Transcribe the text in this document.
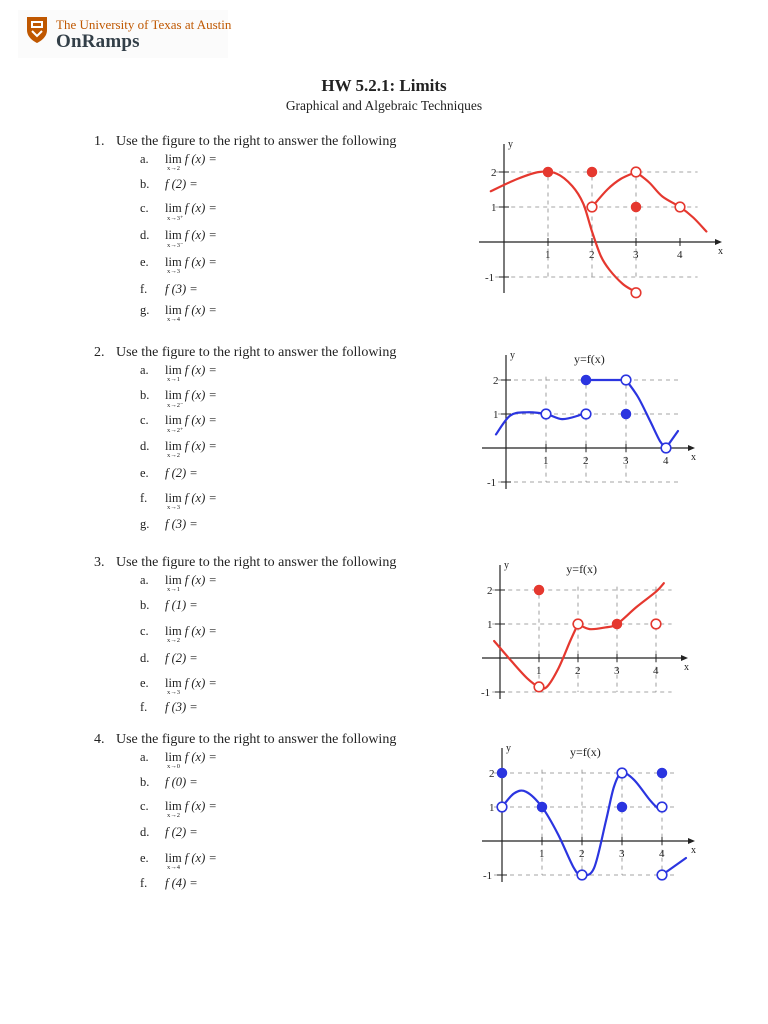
The University of Texas at Austin
OnRamps
HW 5.2.1: Limits
Graphical and Algebraic Techniques
1. Use the figure to the right to answer the following
a. lim
x→2
f (x) =
b. f (2) =
c. lim
x→3⁺
f (x) =
d. lim
x→3⁻
f (x) =
e. lim
x→3
f (x) =
f. f (3) =
g. lim
x→4
f (x) =
2. Use the figure to the right to answer the following
a. lim
x→1
f (x) =
b. lim
x→2⁻
f (x) =
c. lim
x→2⁺
f (x) =
d. lim
x→2
f (x) =
e. f (2) =
f. lim
x→3
f (x) =
g. f (3) =
3. Use the figure to the right to answer the following
a. lim
x→1
f (x) =
b. f (1) =
c. lim
x→2
f (x) =
d. f (2) =
e. lim
x→3
f (x) =
f. f (3) =
4. Use the figure to the right to answer the following
a. lim
x→0
f (x) =
b. f (0) =
c. lim
x→2
f (x) =
d. f (2) =
e. lim
x→4
f (x) =
f. f (4) =
1	2	3	4
2
1
-1
y
x
1	2	3	4
2
1
-1
y
x
y=f(x)
1	2	3	4
2
1
-1
y
x
y=f(x)
1	2	3	4
2
1
-1
y
x
y=f(x)
